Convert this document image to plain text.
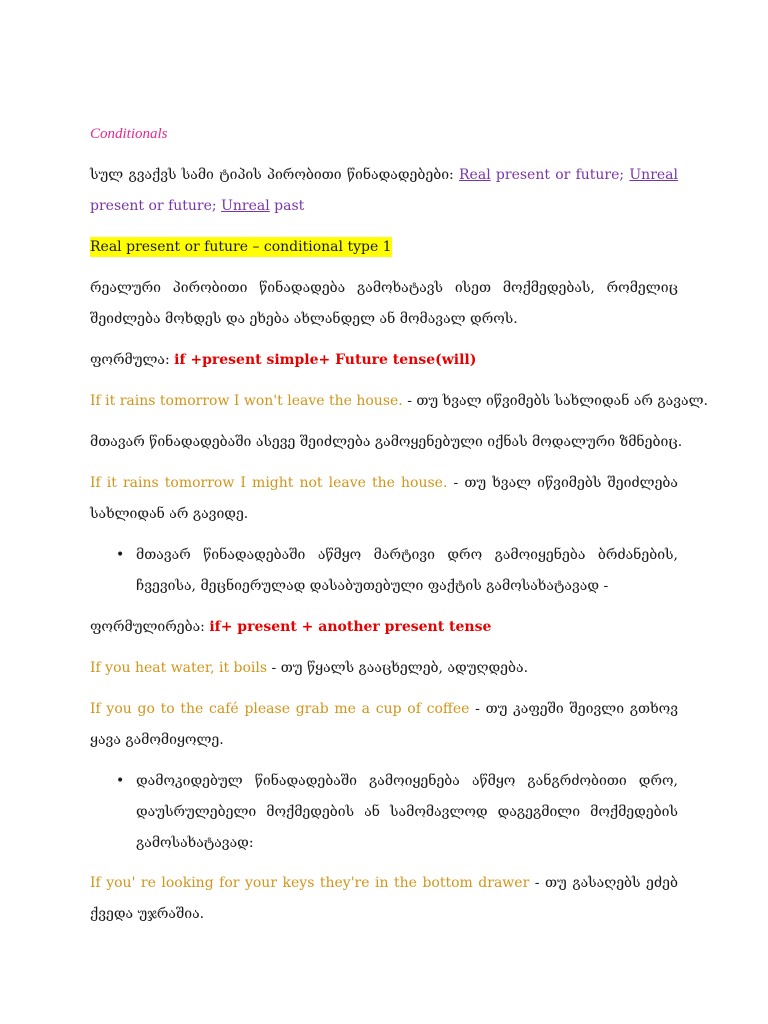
Conditionals
სულ გვაქვს სამი ტიპის პირობითი წინადადებები: Real present or future; Unreal present or future; Unreal past
Real present or future – conditional type 1
რეალური პირობითი წინადადება გამოხატავს ისეთ მოქმედებას, რომელიც შეიძლება მოხდეს და ეხება ახლანდელ ან მომავალ დროს.
ფორმულა: if +present simple+ Future tense(will)
If it rains tomorrow I won't leave the house. - თუ ხვალ იწვიმებს სახლიდან არ გავალ.
მთავარ წინადადებაში ასევე შეიძლება გამოყენებული იქნას მოდალური ზმნებიც.
If it rains tomorrow I might not leave the house. - თუ ხვალ იწვიმებს შეიძლება სახლიდან არ გავიდე.
• მთავარ წინადადებაში აწმყო მარტივი დრო გამოიყენება ბრძანების, ჩვევისა, მეცნიერულად დასაბუთებული ფაქტის გამოსახატავად -
ფორმულირება: if+ present + another present tense
If you heat water, it boils - თუ წყალს გააცხელებ, ადუღდება.
If you go to the café please grab me a cup of coffee - თუ კაფეში შეივლი გთხოვ ყავა გამომიყოლე.
• დამოკიდებულ წინადადებაში გამოიყენება აწმყო განგრძობითი დრო, დაუსრულებელი მოქმედების ან სამომავლოდ დაგეგმილი მოქმედების გამოსახატავად:
If you' re looking for your keys they're in the bottom drawer - თუ გასაღებს ეძებ ქვედა უჯრაშია.
